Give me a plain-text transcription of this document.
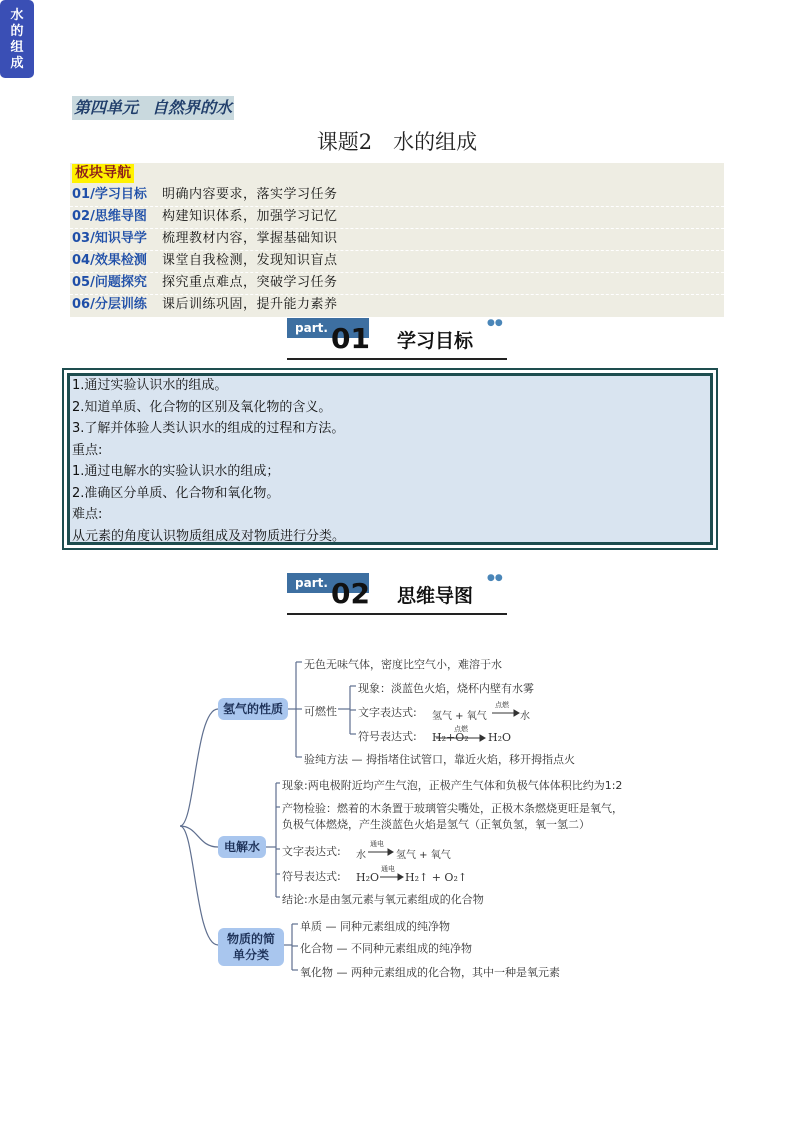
第四单元 自然界的水
课题2　水的组成
板块导航
01/学习目标 明确内容要求，落实学习任务
02/思维导图 构建知识体系，加强学习记忆
03/知识导学 梳理教材内容，掌握基础知识
04/效果检测 课堂自我检测，发现知识盲点
05/问题探究 探究重点难点，突破学习任务
06/分层训练 课后训练巩固，提升能力素养
part. 01 学习目标
●●
1.通过实验认识水的组成。
2.知道单质、化合物的区别及氧化物的含义。
3.了解并体验人类认识水的组成的过程和方法。
重点:
1.通过电解水的实验认识水的组成；
2.准确区分单质、化合物和氧化物。
难点:
从元素的角度认识物质组成及对物质进行分类。
part. 02 思维导图
●●
水
的
组
成
氢气的性质
无色无味气体，密度比空气小，难溶于水
可燃性
现象：淡蓝色火焰，烧杯内壁有水雾
文字表达式: 氢气 + 氧气
点燃
水
符号表达式: H₂+O₂
点燃
H₂O
验纯方法 — 拇指堵住试管口，靠近火焰，移开拇指点火
电解水
现象:两电极附近均产生气泡，正极产生气体和负极气体体积比约为1:2
产物检验：燃着的木条置于玻璃管尖嘴处，正极木条燃烧更旺是氧气，
负极气体燃烧，产生淡蓝色火焰是氢气（正氧负氢，氧一氢二）
文字表达式: 水
通电
氢气 + 氧气
符号表达式: H₂O
通电
H₂↑ + O₂↑
结论:水是由氢元素与氧元素组成的化合物
物质的简
单分类
单质 — 同种元素组成的纯净物
化合物 — 不同种元素组成的纯净物
氧化物 — 两种元素组成的化合物，其中一种是氧元素
